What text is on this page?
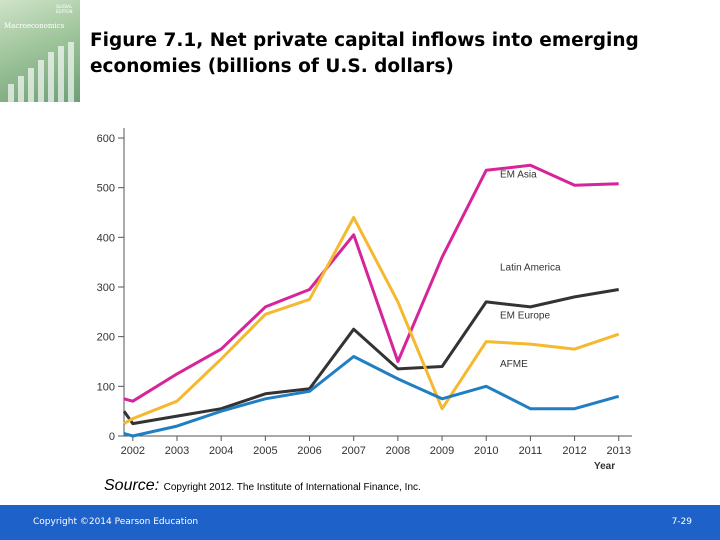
GLOBAL EDITION
Macroeconomics
Figure 7.1, Net private capital inflows into emerging economies (billions of U.S. dollars)
0
100
200
300
400
500
600
2002 2003 2004 2005 2006 2007 2008 2009 2010 2011 2012 2013
Year
EM Asia
Latin America
EM Europe
AFME
Source: Copyright 2012. The Institute of International Finance, Inc.
Copyright ©2014 Pearson Education	7-29
